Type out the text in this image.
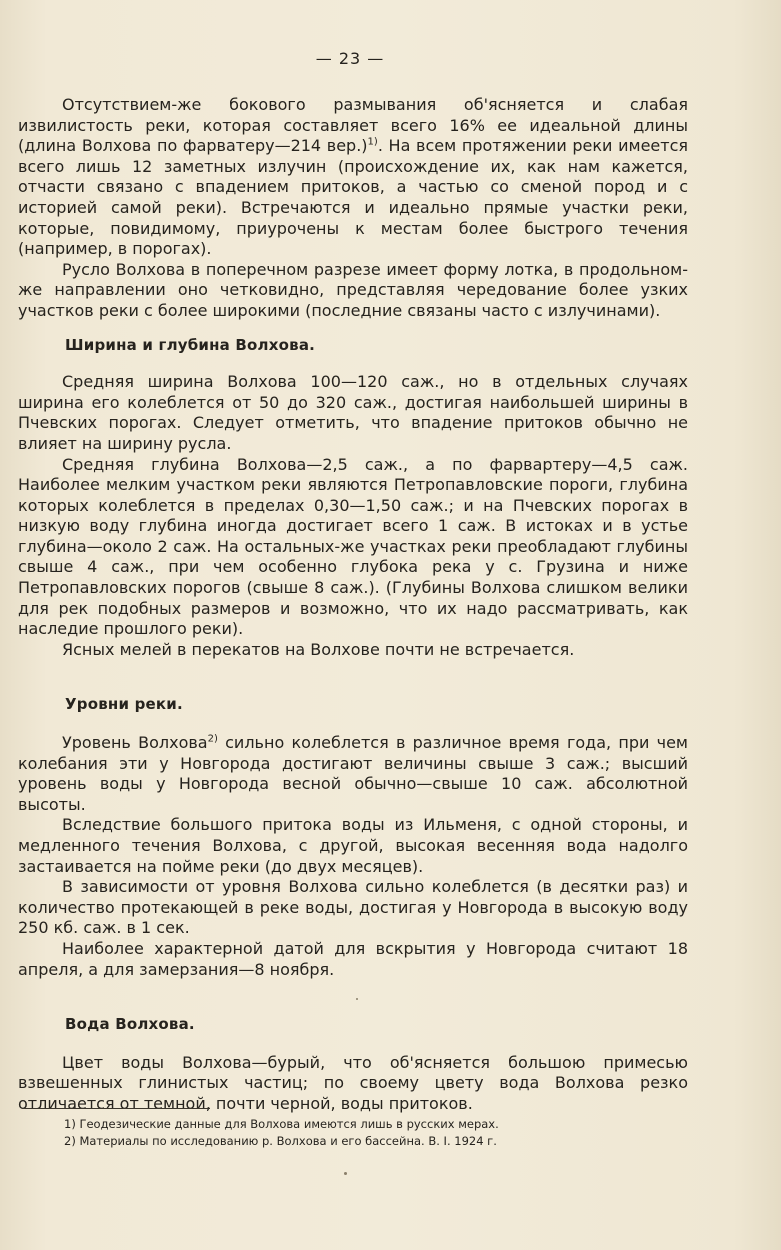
— 23 —

Отсутствием-же бокового размывания об'ясняется и слабая извилистость реки, которая составляет всего 16% ее идеальной длины (длина Волхова по фарватеру—214 вер.)$^{1)}$. На всем протяжении реки имеется всего лишь 12 заметных излучин (происхождение их, как нам кажется, отчасти связано с впадением притоков, а частью со сменой пород и с историей самой реки). Встречаются и идеально прямые участки реки, которые, повидимому, приурочены к местам более быстрого течения (например, в порогах).

Русло Волхова в поперечном разрезе имеет форму лотка, в продольном-же направлении оно четковидно, представляя чередование более узких участков реки с более широкими (последние связаны часто с излучинами).

Ширина и глубина Волхова.

Средняя ширина Волхова 100—120 саж., но в отдельных случаях ширина его колеблется от 50 до 320 саж., достигая наибольшей ширины в Пчевских порогах. Следует отметить, что впадение притоков обычно не влияет на ширину русла.

Средняя глубина Волхова—2,5 саж., а по фарвартеру—4,5 саж. Наиболее мелким участком реки являются Петропавловские пороги, глубина которых колеблется в пределах 0,30—1,50 саж.; и на Пчевских порогах в низкую воду глубина иногда достигает всего 1 саж. В истоках и в устье глубина—около 2 саж. На остальных-же участках реки преобладают глубины свыше 4 саж., при чем особенно глубока река у с. Грузина и ниже Петропавловских порогов (свыше 8 саж.). (Глубины Волхова слишком велики для рек подобных размеров и возможно, что их надо рассматривать, как наследие прошлого реки).

Ясных мелей в перекатов на Волхове почти не встречается.

Уровни реки.

Уровень Волхова$^{2)}$ сильно колеблется в различное время года, при чем колебания эти у Новгорода достигают величины свыше 3 саж.; высший уровень воды у Новгорода весной обычно—свыше 10 саж. абсолютной высоты.

Вследствие большого притока воды из Ильменя, с одной стороны, и медленного течения Волхова, с другой, высокая весенняя вода надолго застаивается на пойме реки (до двух месяцев).

В зависимости от уровня Волхова сильно колеблется (в десятки раз) и количество протекающей в реке воды, достигая у Новгорода в высокую воду 250 кб. саж. в 1 сек.

Наиболее характерной датой для вскрытия у Новгорода считают 18 апреля, а для замерзания—8 ноября.

Вода Волхова.

Цвет воды Волхова—бурый, что об'ясняется большою примесью взвешенных глинистых частиц; по своему цвету вода Волхова резко отличается от темной, почти черной, воды притоков.

1) Геодезические данные для Волхова имеются лишь в русских мерах.
2) Материалы по исследованию р. Волхова и его бассейна. В. I. 1924 г.
